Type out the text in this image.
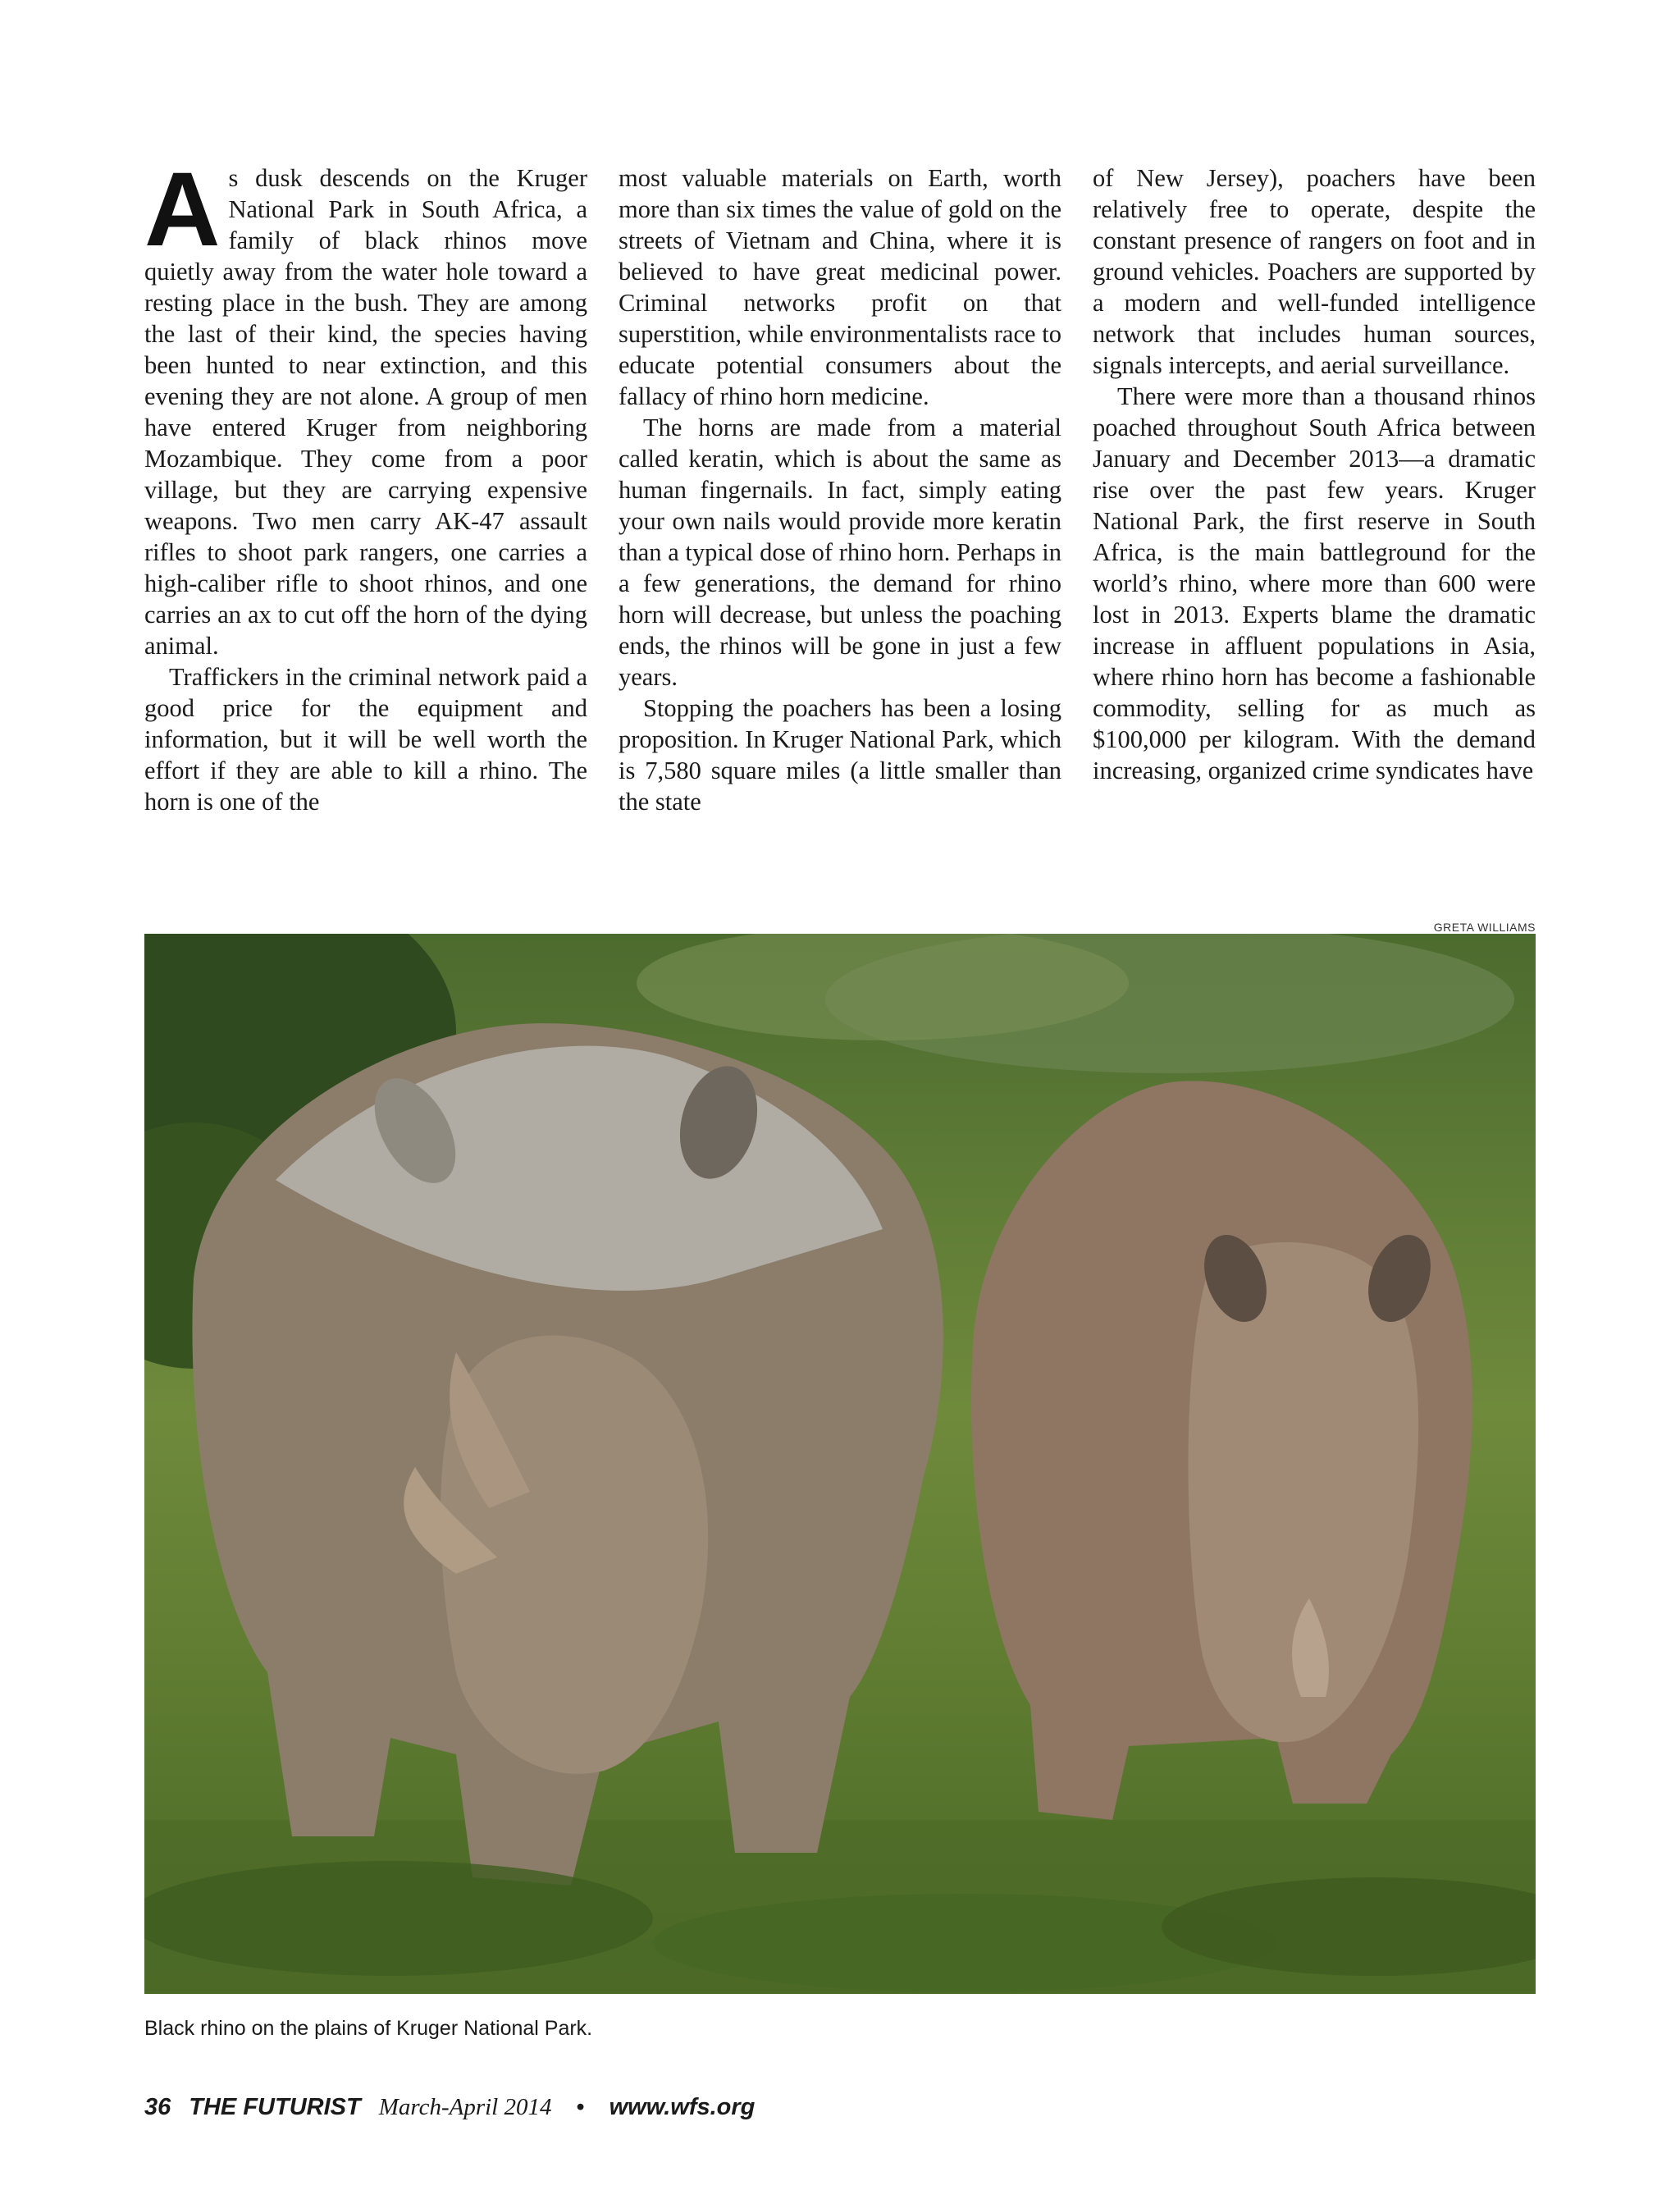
As dusk descends on the Kruger National Park in South Africa, a family of black rhinos move quietly away from the water hole toward a resting place in the bush. They are among the last of their kind, the species having been hunted to near extinction, and this evening they are not alone. A group of men have entered Kruger from neighboring Mozambique. They come from a poor village, but they are carrying expensive weapons. Two men carry AK-47 assault rifles to shoot park rangers, one carries a high-caliber rifle to shoot rhinos, and one carries an ax to cut off the horn of the dying animal.

Traffickers in the criminal network paid a good price for the equipment and information, but it will be well worth the effort if they are able to kill a rhino. The horn is one of the

most valuable materials on Earth, worth more than six times the value of gold on the streets of Vietnam and China, where it is believed to have great medicinal power. Criminal networks profit on that superstition, while environmentalists race to educate potential consumers about the fallacy of rhino horn medicine.

The horns are made from a material called keratin, which is about the same as human fingernails. In fact, simply eating your own nails would provide more keratin than a typical dose of rhino horn. Perhaps in a few generations, the demand for rhino horn will decrease, but unless the poaching ends, the rhinos will be gone in just a few years.

Stopping the poachers has been a losing proposition. In Kruger National Park, which is 7,580 square miles (a little smaller than the state

of New Jersey), poachers have been relatively free to operate, despite the constant presence of rangers on foot and in ground vehicles. Poachers are supported by a modern and well-funded intelligence network that includes human sources, signals intercepts, and aerial surveillance.

There were more than a thousand rhinos poached throughout South Africa between January and December 2013—a dramatic rise over the past few years. Kruger National Park, the first reserve in South Africa, is the main battleground for the world’s rhino, where more than 600 were lost in 2013. Experts blame the dramatic increase in affluent populations in Asia, where rhino horn has become a fashionable commodity, selling for as much as $100,000 per kilogram. With the demand increasing, organized crime syndicates have

GRETA WILLIAMS
Black rhino on the plains of Kruger National Park.
36 THE FUTURIST March-April 2014 • www.wfs.org
